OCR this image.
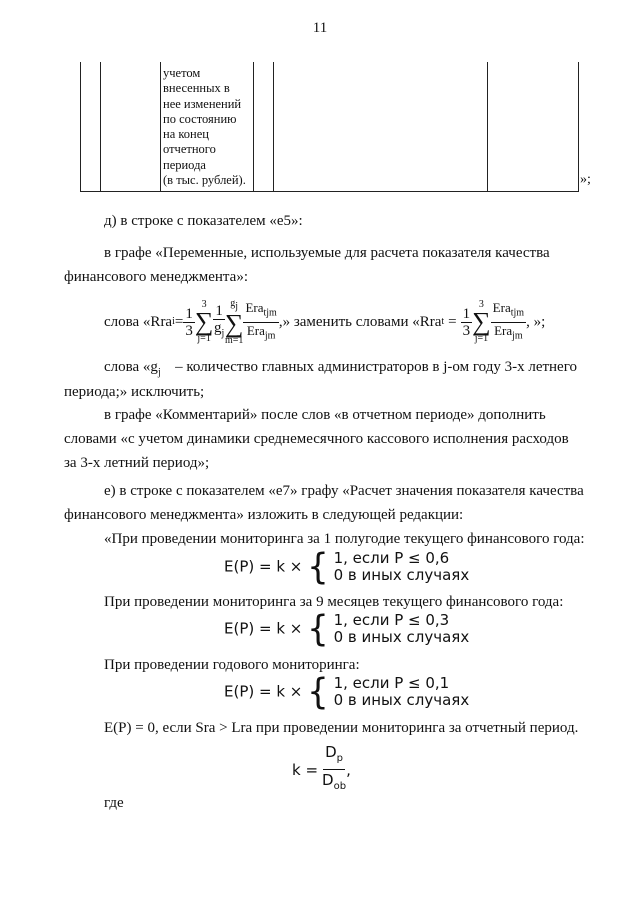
11
учетом
внесенных в
нее изменений
по состоянию
на конец
отчетного
периода
(в тыс. рублей).	»;
д) в строке с показателем «е5»:
в графе «Переменные, используемые для расчета показателя качества
финансового менеджмента»:
слова «Rra $i = \frac{1}{3}$
3
∑
$j=1 \frac{1}{g_j} g_j$
∑
$m=1 \frac{Era_{tjm}}{Era_{jm}}$ ,» заменить словами «Rra $t = \frac{1}{3}$
3
∑
$j=1 \frac{Era_{tjm}}{Era_{jm}}$ , »;
слова «$g_j$ – количество главных администраторов в j-ом году 3-х летнего
периода;» исключить;
в графе «Комментарий» после слов «в отчетном периоде» дополнить
словами «с учетом динамики среднемесячного кассового исполнения расходов
за 3-х летний период»;
е) в строке с показателем «е7» графу «Расчет значения показателя качества
финансового менеджмента» изложить в следующей редакции:
«При проведении мониторинга за 1 полугодие текущего финансового года:
E(P) = k × { 1, если P ≤ 0,6
0 в иных случаях
При проведении мониторинга за 9 месяцев текущего финансового года:
E(P) = k × { 1, если P ≤ 0,3
0 в иных случаях
При проведении годового мониторинга:
E(P) = k × { 1, если P ≤ 0,1
0 в иных случаях
E(P) = 0, если Sra > Lra при проведении мониторинга за отчетный период.
$k = \frac{D_p}{D_{ob}}$ ,
где
